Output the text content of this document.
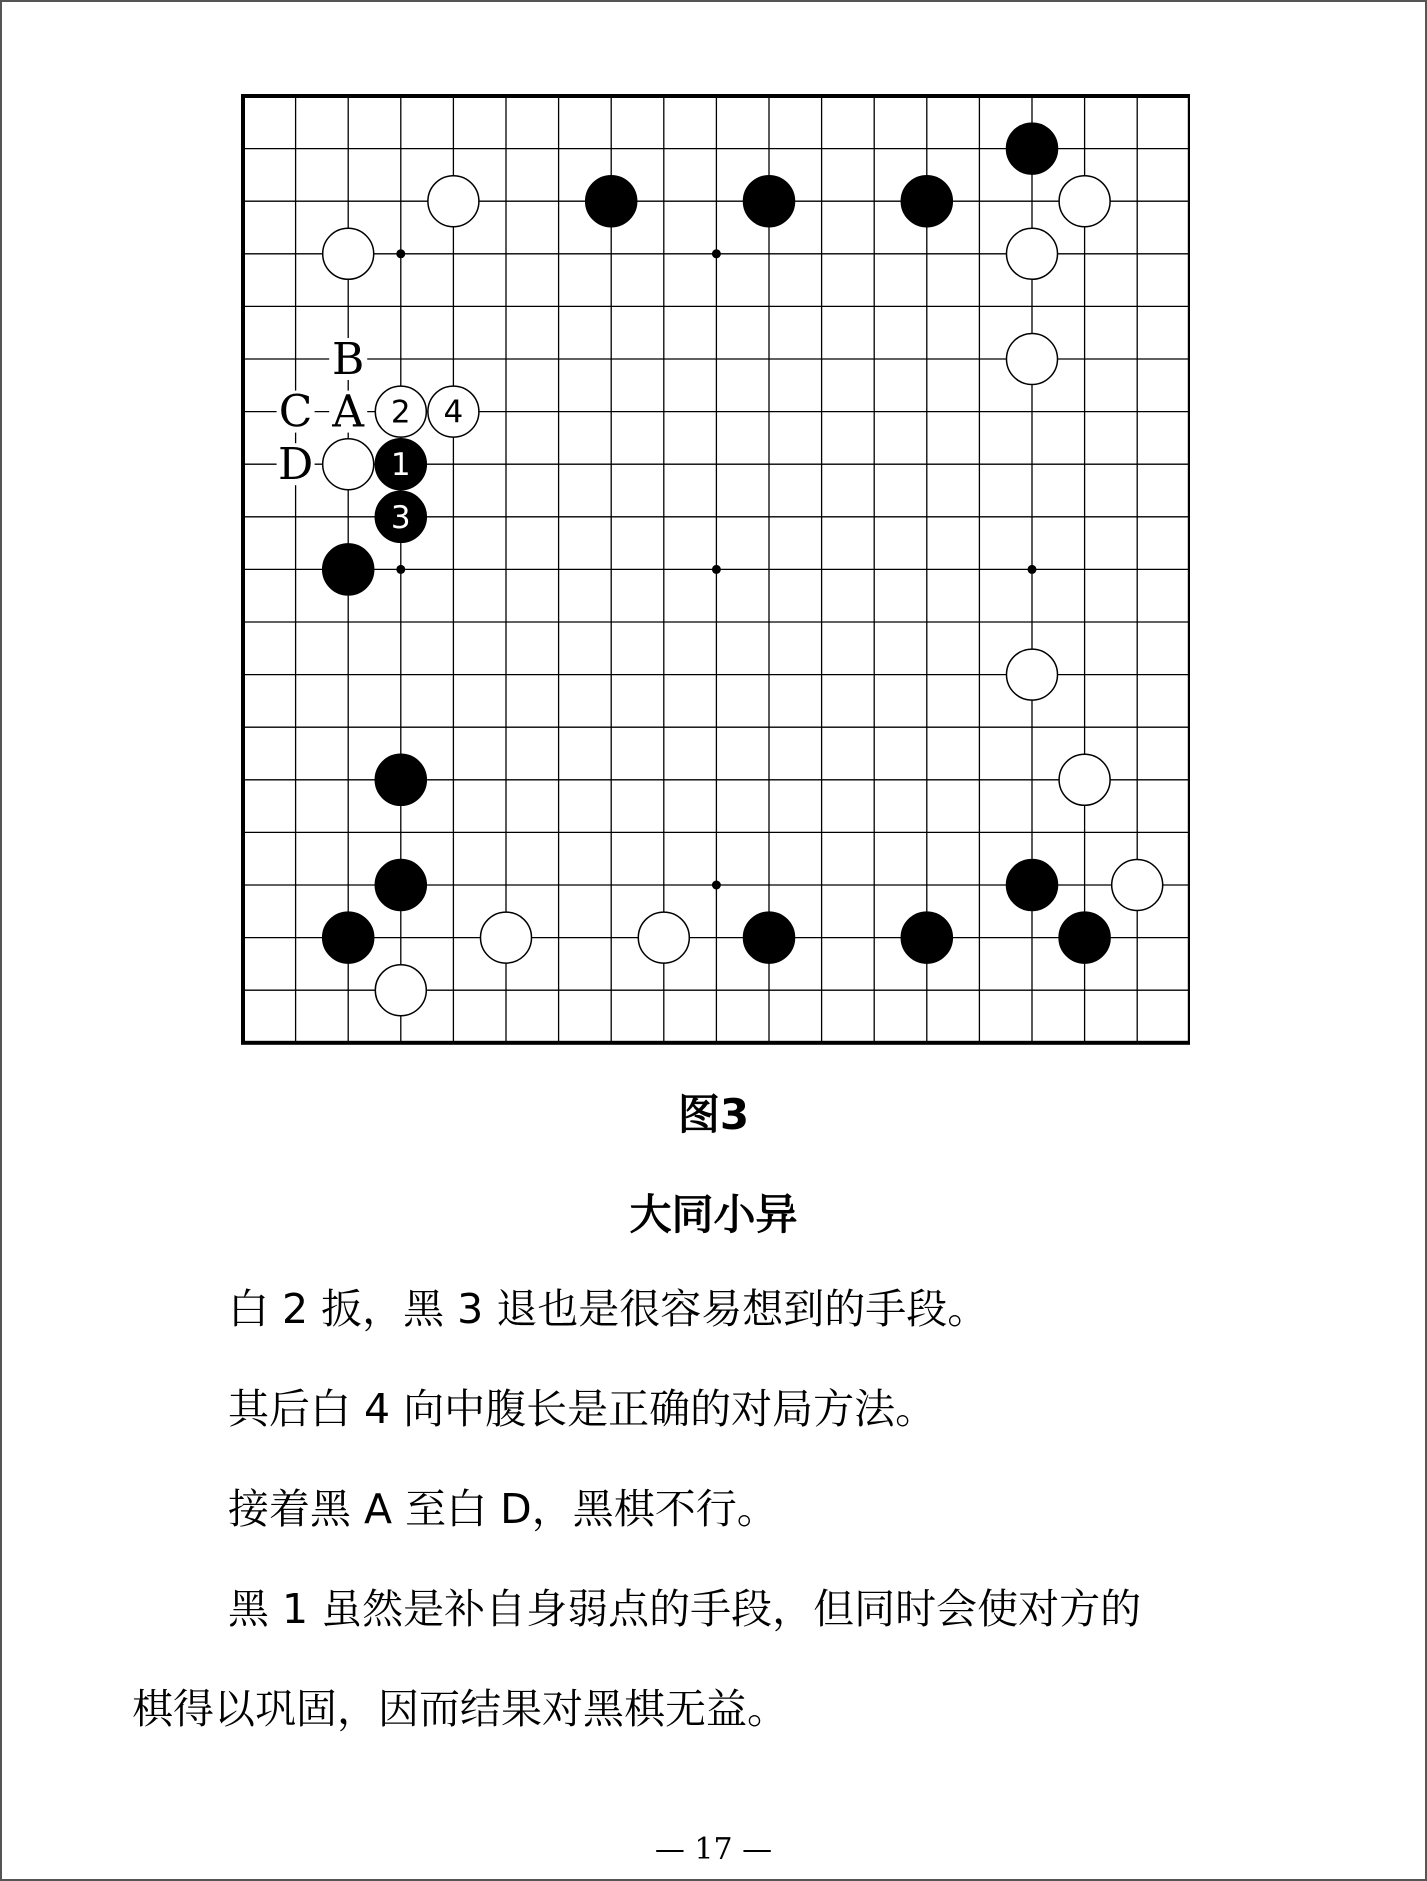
B
C A
D
2 4
1
3
图3
大同小异
白 2 扳，黑 3 退也是很容易想到的手段。
其后白 4 向中腹长是正确的对局方法。
接着黑 A 至白 D，黑棋不行。
黑 1 虽然是补自身弱点的手段，但同时会使对方的
棋得以巩固，因而结果对黑棋无益。
— 17 —
